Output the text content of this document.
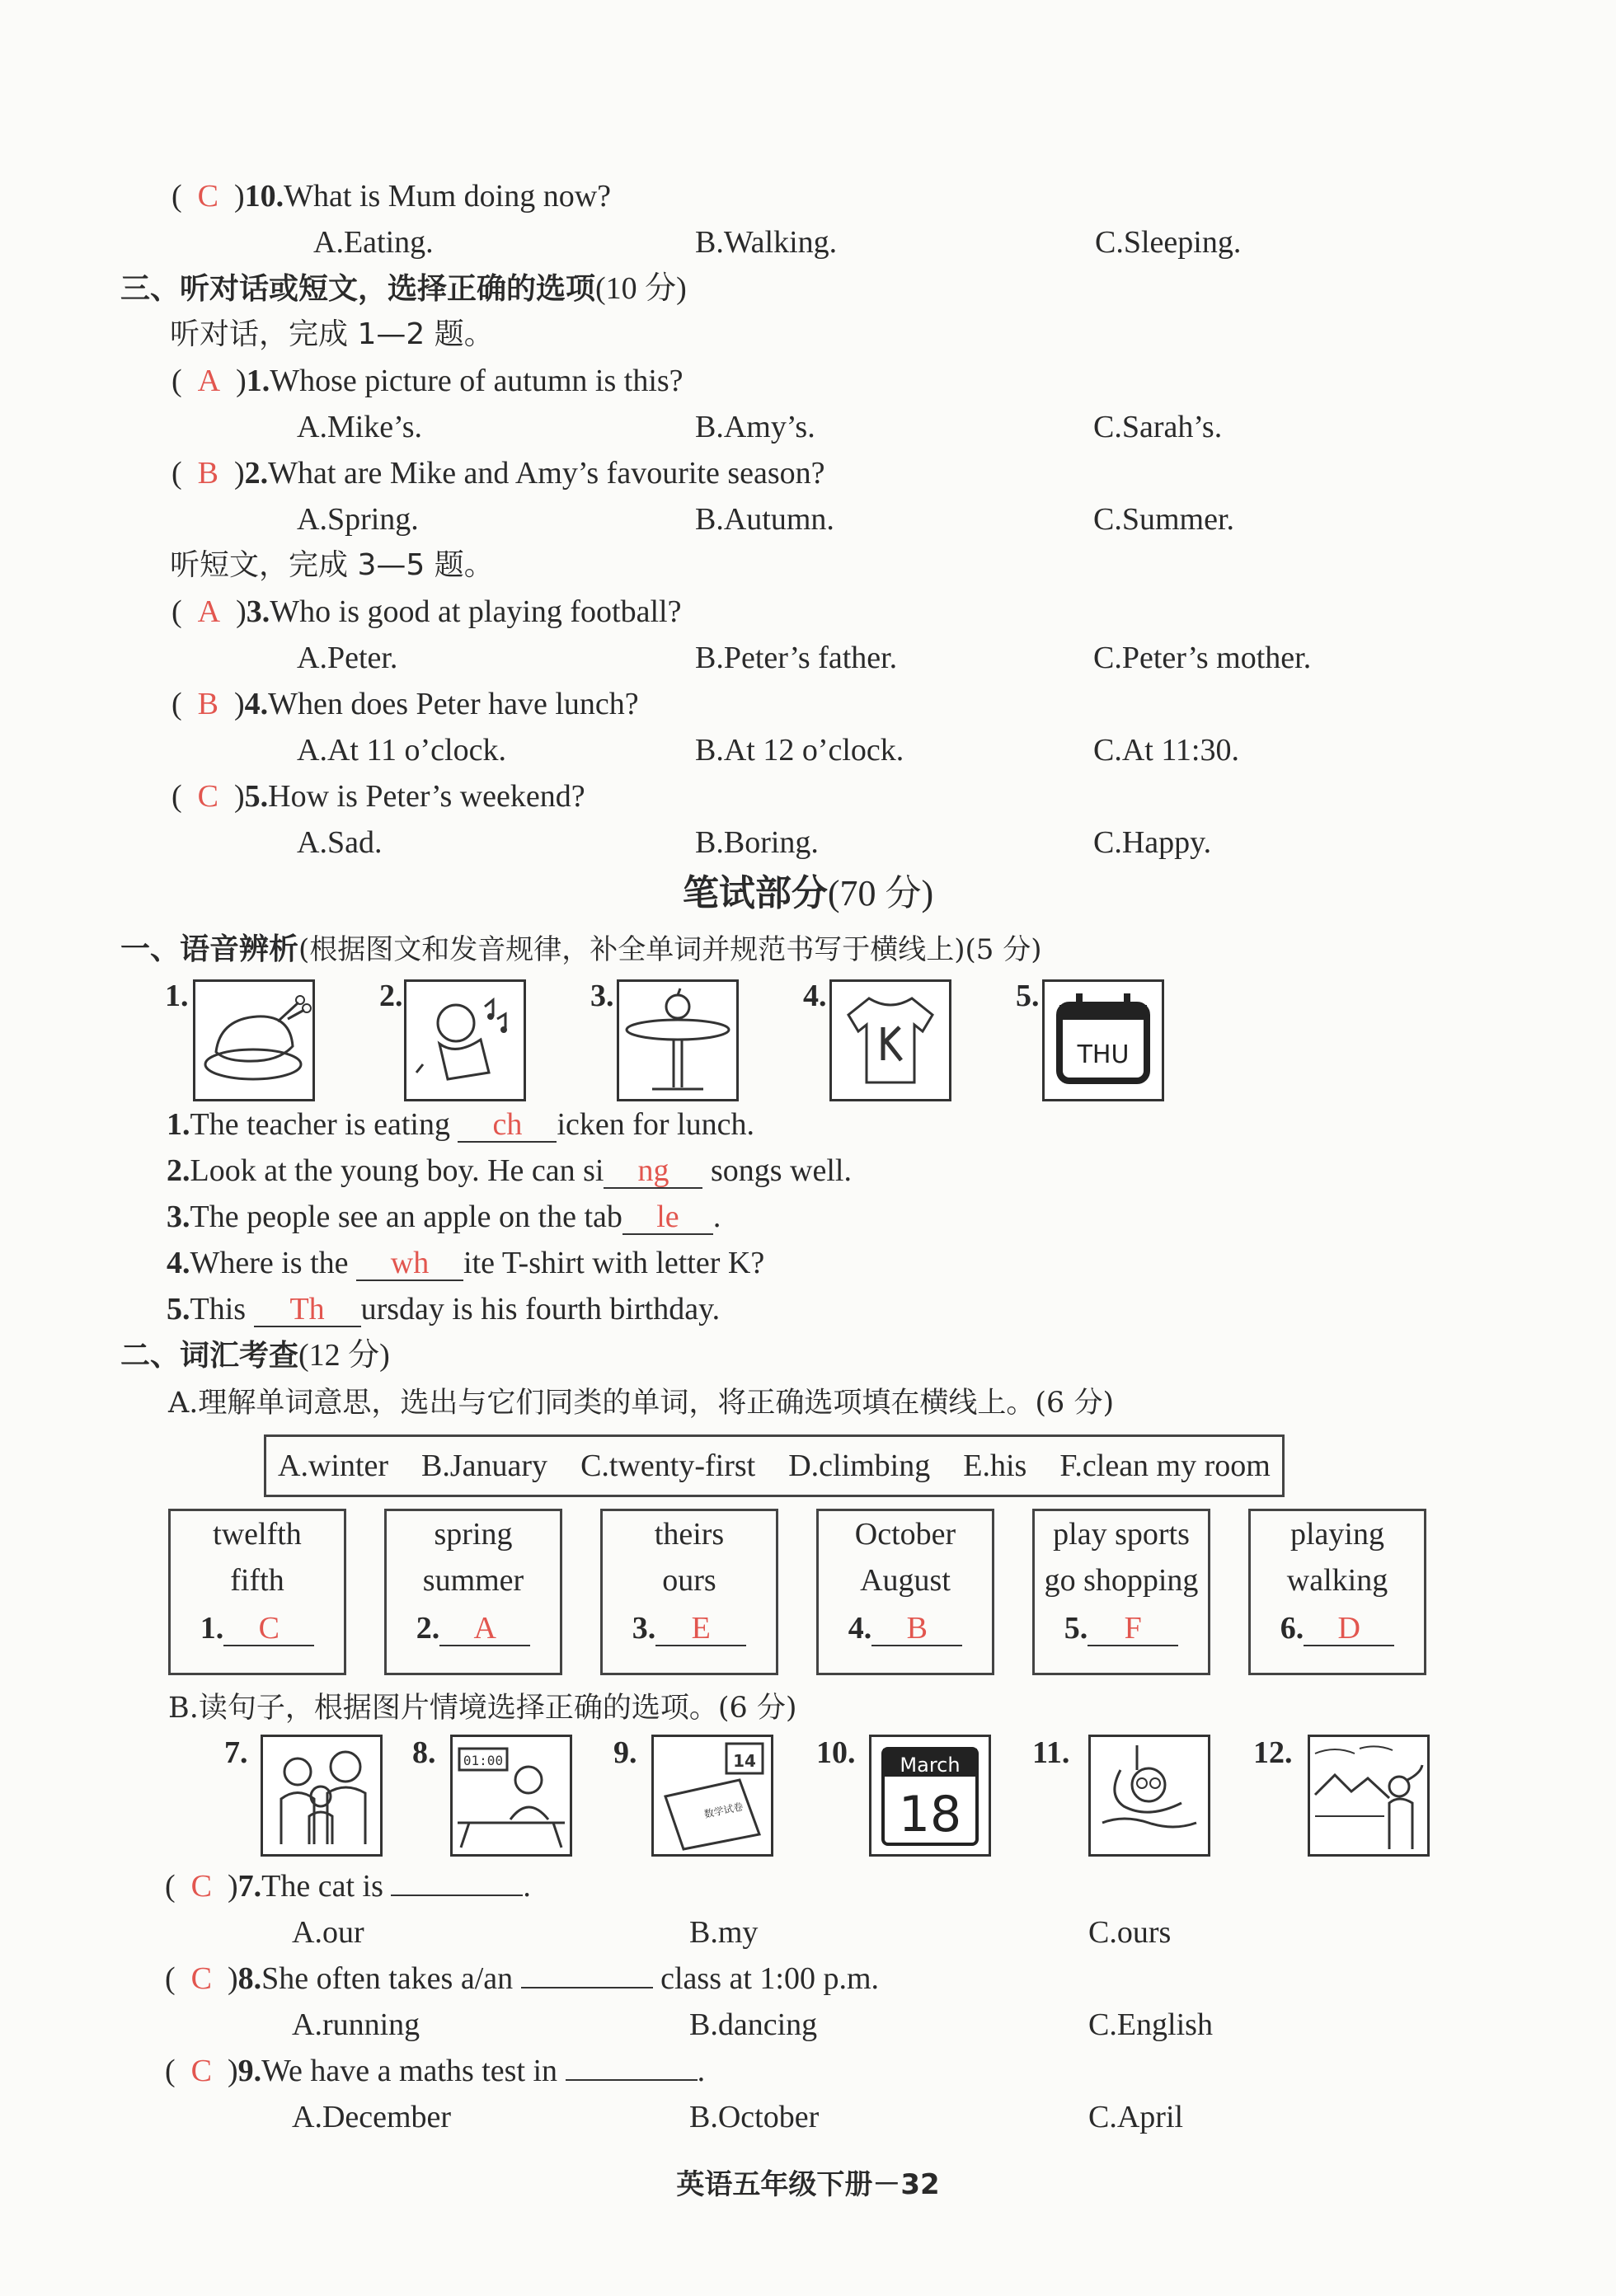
( C )10.What is Mum doing now?
A.Eating.	B.Walking.	C.Sleeping.
三、听对话或短文，选择正确的选项(10 分)
听对话，完成 1—2 题。
(  A  )1.Whose picture of autumn is this?
A.Mike’s.	B.Amy’s.	C.Sarah’s.
(  B  )2.What are Mike and Amy’s favourite season?
A.Spring.	B.Autumn.	C.Summer.
听短文，完成 3—5 题。
(  A  )3.Who is good at playing football?
A.Peter.	B.Peter’s father.	C.Peter’s mother.
(  B  )4.When does Peter have lunch?
A.At 11 o’clock.	B.At 12 o’clock.	C.At 11:30.
(  C  )5.How is Peter’s weekend?
A.Sad.	B.Boring.	C.Happy.
笔试部分(70 分)
一、语音辨析(根据图文和发音规律，补全单词并规范书写于横线上)(5 分)
1.	2.	3.	4.	5.
THU
1.The teacher is eating ch icken for lunch.
2.Look at the young boy. He can si ng songs well.
3.The people see an apple on the tab le .
4.Where is the wh ite T-shirt with letter K?
5.This Th ursday is his fourth birthday.
二、词汇考查(12 分)
A.理解单词意思，选出与它们同类的单词，将正确选项填在横线上。(6 分)
A.winter B.January C.twenty-first D.climbing E.his F.clean my room
twelfth
fifth
1. C
spring
summer
2. A
theirs
ours
3. E
October
August
4. B
play sports
go shopping
5. F
playing
walking
6. D
B.读句子，根据图片情境选择正确的选项。(6 分)
7.	8. 01:00	9.	14
数学试卷
10. March
18
11.	12.
(  C  )7.The cat is	.
A.our	B.my	C.ours
(  C  )8.She often takes a/an	class at 1:00 p.m.
A.running	B.dancing	C.English
(  C  )9.We have a maths test in	.
A.December	B.October	C.April
英语五年级下册－32
